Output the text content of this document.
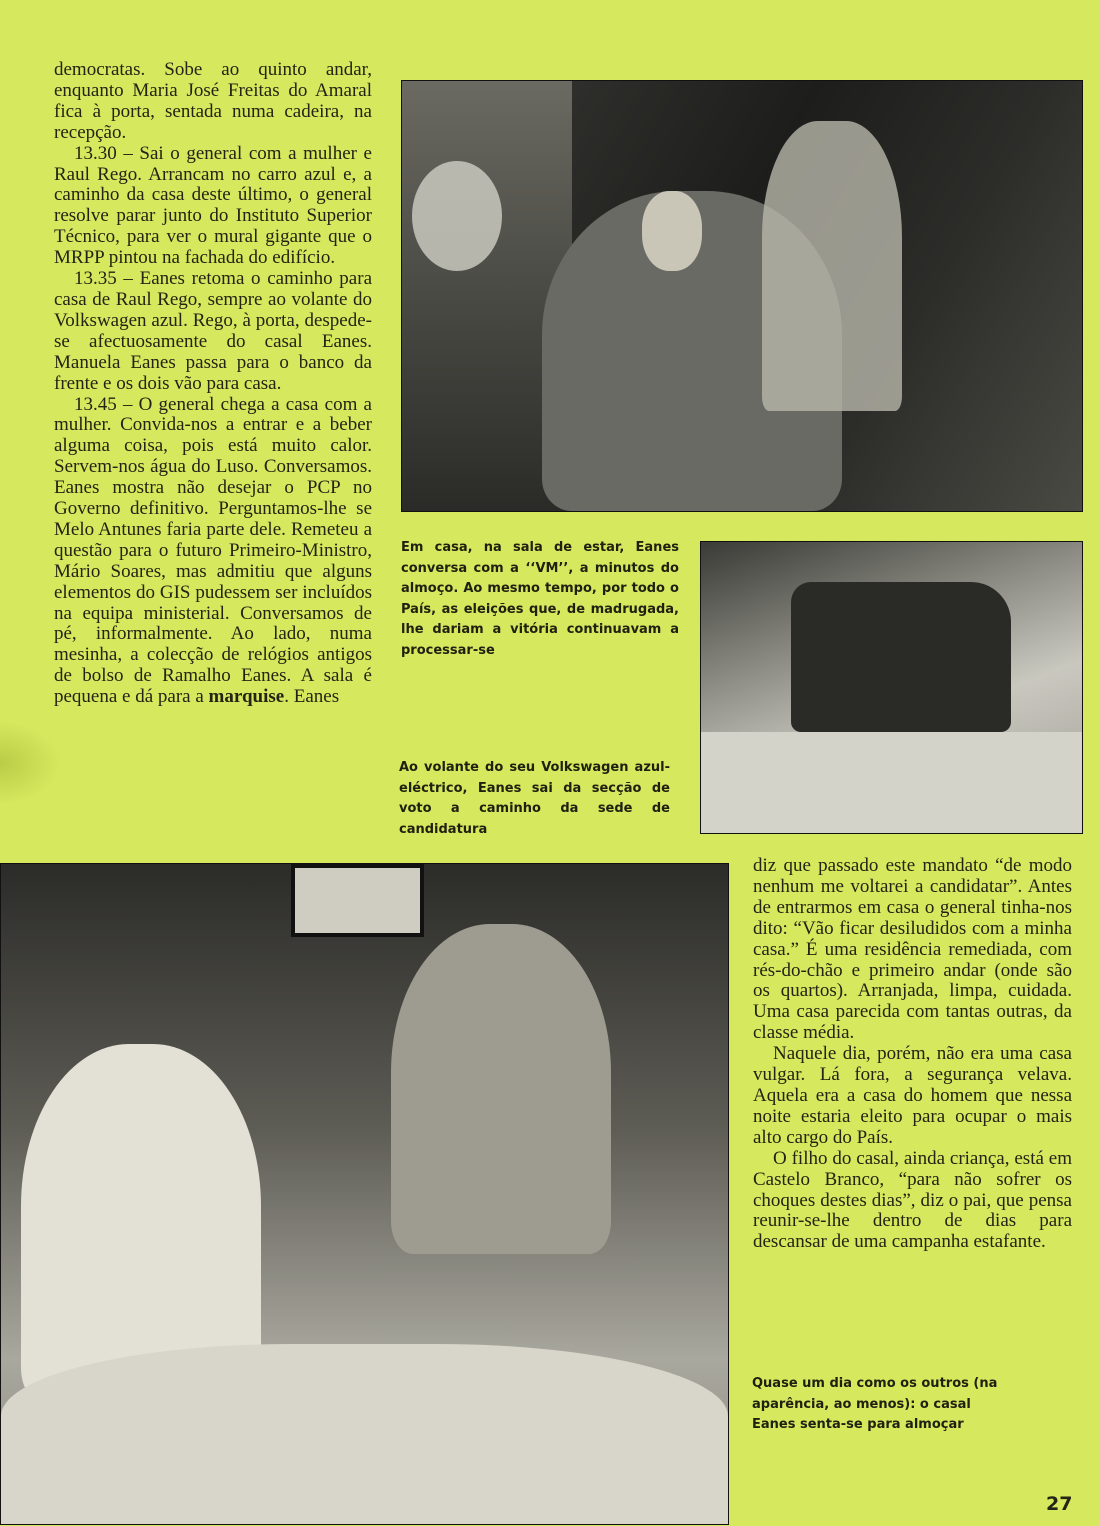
democratas. Sobe ao quinto andar, enquanto Maria José Freitas do Amaral fica à porta, sentada numa cadeira, na recepção.

13.30 – Sai o general com a mulher e Raul Rego. Arrancam no carro azul e, a caminho da casa deste último, o general resolve parar junto do Instituto Superior Técnico, para ver o mural gigante que o MRPP pintou na fachada do edifício.

13.35 – Eanes retoma o caminho para casa de Raul Rego, sempre ao volante do Volkswagen azul. Rego, à porta, despede-se afectuosamente do casal Eanes. Manuela Eanes passa para o banco da frente e os dois vão para casa.

13.45 – O general chega a casa com a mulher. Convida-nos a entrar e a beber alguma coisa, pois está muito calor. Servem-nos água do Luso. Conversamos. Eanes mostra não desejar o PCP no Governo definitivo. Perguntamos-lhe se Melo Antunes faria parte dele. Remeteu a questão para o futuro Primeiro-Ministro, Mário Soares, mas admitiu que alguns elementos do GIS pudessem ser incluídos na equipa ministerial. Conversamos de pé, informalmente. Ao lado, numa mesinha, a colecção de relógios antigos de bolso de Ramalho Eanes. A sala é pequena e dá para a marquise. Eanes

Em casa, na sala de estar, Eanes conversa com a ‘‘VM’’, a minutos do almoço. Ao mesmo tempo, por todo o País, as eleições que, de madrugada, lhe dariam a vitória continuavam a processar-se
Ao volante do seu Volkswagen azul-eléctrico, Eanes sai da secção de voto a caminho da sede de candidatura

diz que passado este mandato “de modo nenhum me voltarei a candidatar”. Antes de entrarmos em casa o general tinha-nos dito: “Vão ficar desiludidos com a minha casa.” É uma residência remediada, com rés-do-chão e primeiro andar (onde são os quartos). Arranjada, limpa, cuidada. Uma casa parecida com tantas outras, da classe média.

Naquele dia, porém, não era uma casa vulgar. Lá fora, a segurança velava. Aquela era a casa do homem que nessa noite estaria eleito para ocupar o mais alto cargo do País.

O filho do casal, ainda criança, está em Castelo Branco, “para não sofrer os choques destes dias”, diz o pai, que pensa reunir-se-lhe dentro de dias para descansar de uma campanha estafante.

Quase um dia como os outros (na aparência, ao menos): o casal Eanes senta-se para almoçar
27
